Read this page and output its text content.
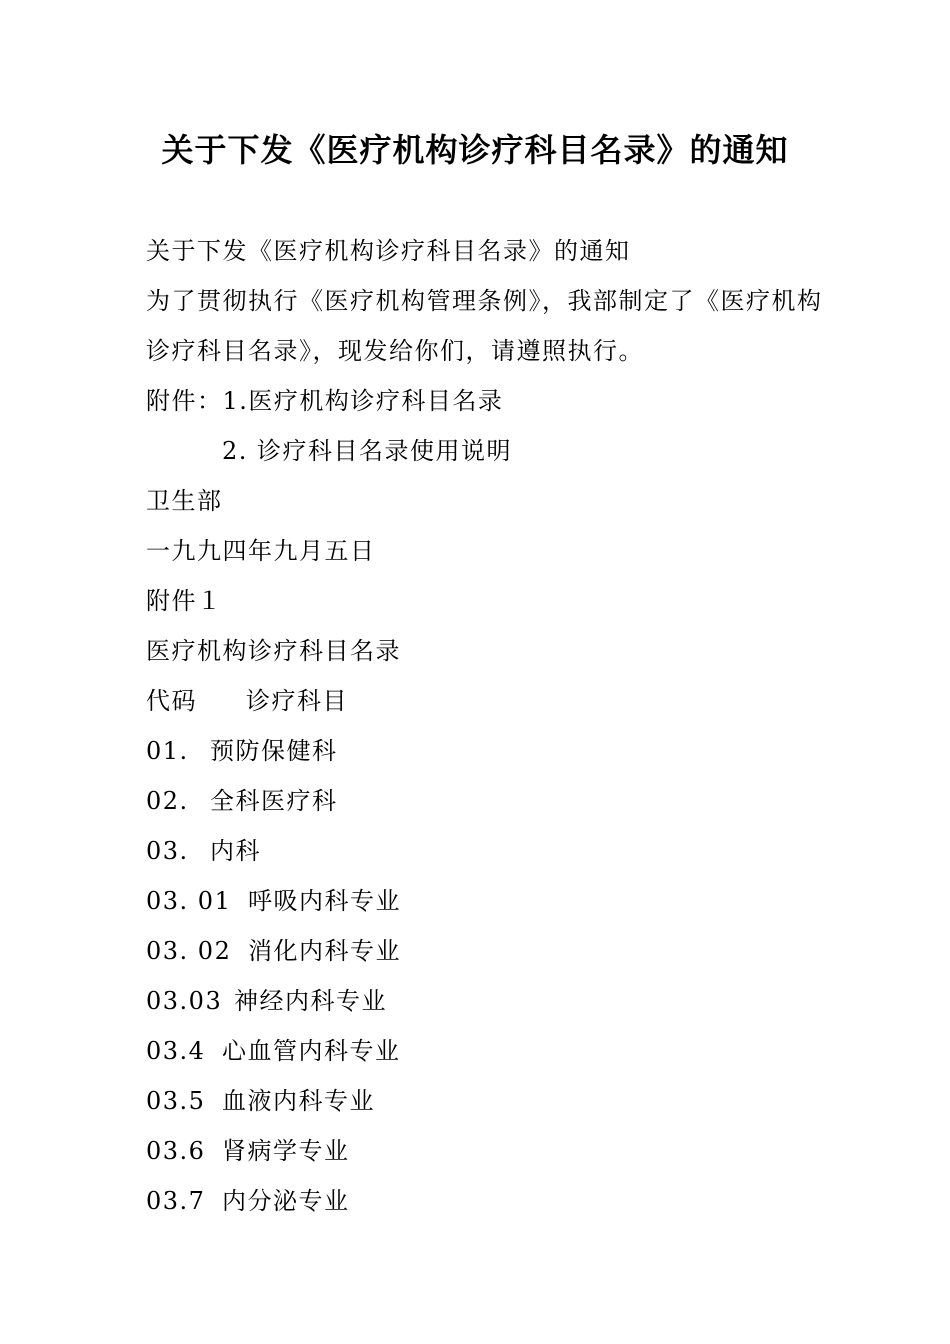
关于下发《医疗机构诊疗科目名录》的通知

关于下发《医疗机构诊疗科目名录》的通知

为了贯彻执行《医疗机构管理条例》，我部制定了《医疗机构

诊疗科目名录》，现发给你们，请遵照执行。

附件：1.医疗机构诊疗科目名录

2. 诊疗科目名录使用说明

卫生部

一九九四年九月五日

附件１

医疗机构诊疗科目名录

代码 诊疗科目

01. 预防保健科

02. 全科医疗科

03. 内科

03. 01 呼吸内科专业

03. 02 消化内科专业

03.03 神经内科专业

03.4 心血管内科专业

03.5 血液内科专业

03.6 肾病学专业

03.7 内分泌专业
